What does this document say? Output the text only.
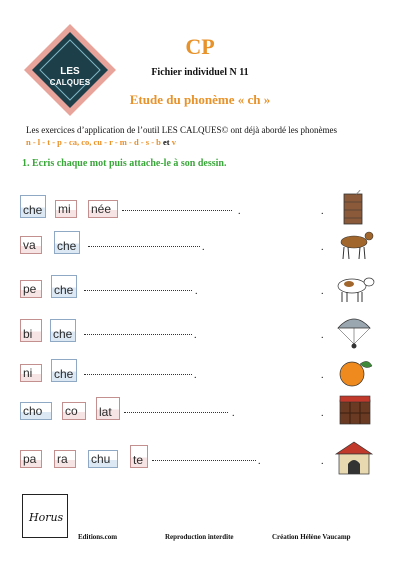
LES
CALQUES
CP
Fichier individuel N 11
Etude du phonème « ch »
Les exercices d’application de l’outil LES CALQUES© ont déjà abordé les phonèmes
n - l - t - p - ca, co, cu - r - m - d - s - b et v
1. Ecris chaque mot puis attache-le à son dessin.
che	mi	née	.	.
va	che	.	.
pe	che	.	.
bi	che	.	.
ni	che	.	.
cho	co	lat	.	.
pa	ra	chu	te	.	.
Horus
Editions.com	Reproduction interdite	Création Hélène Vaucamp
